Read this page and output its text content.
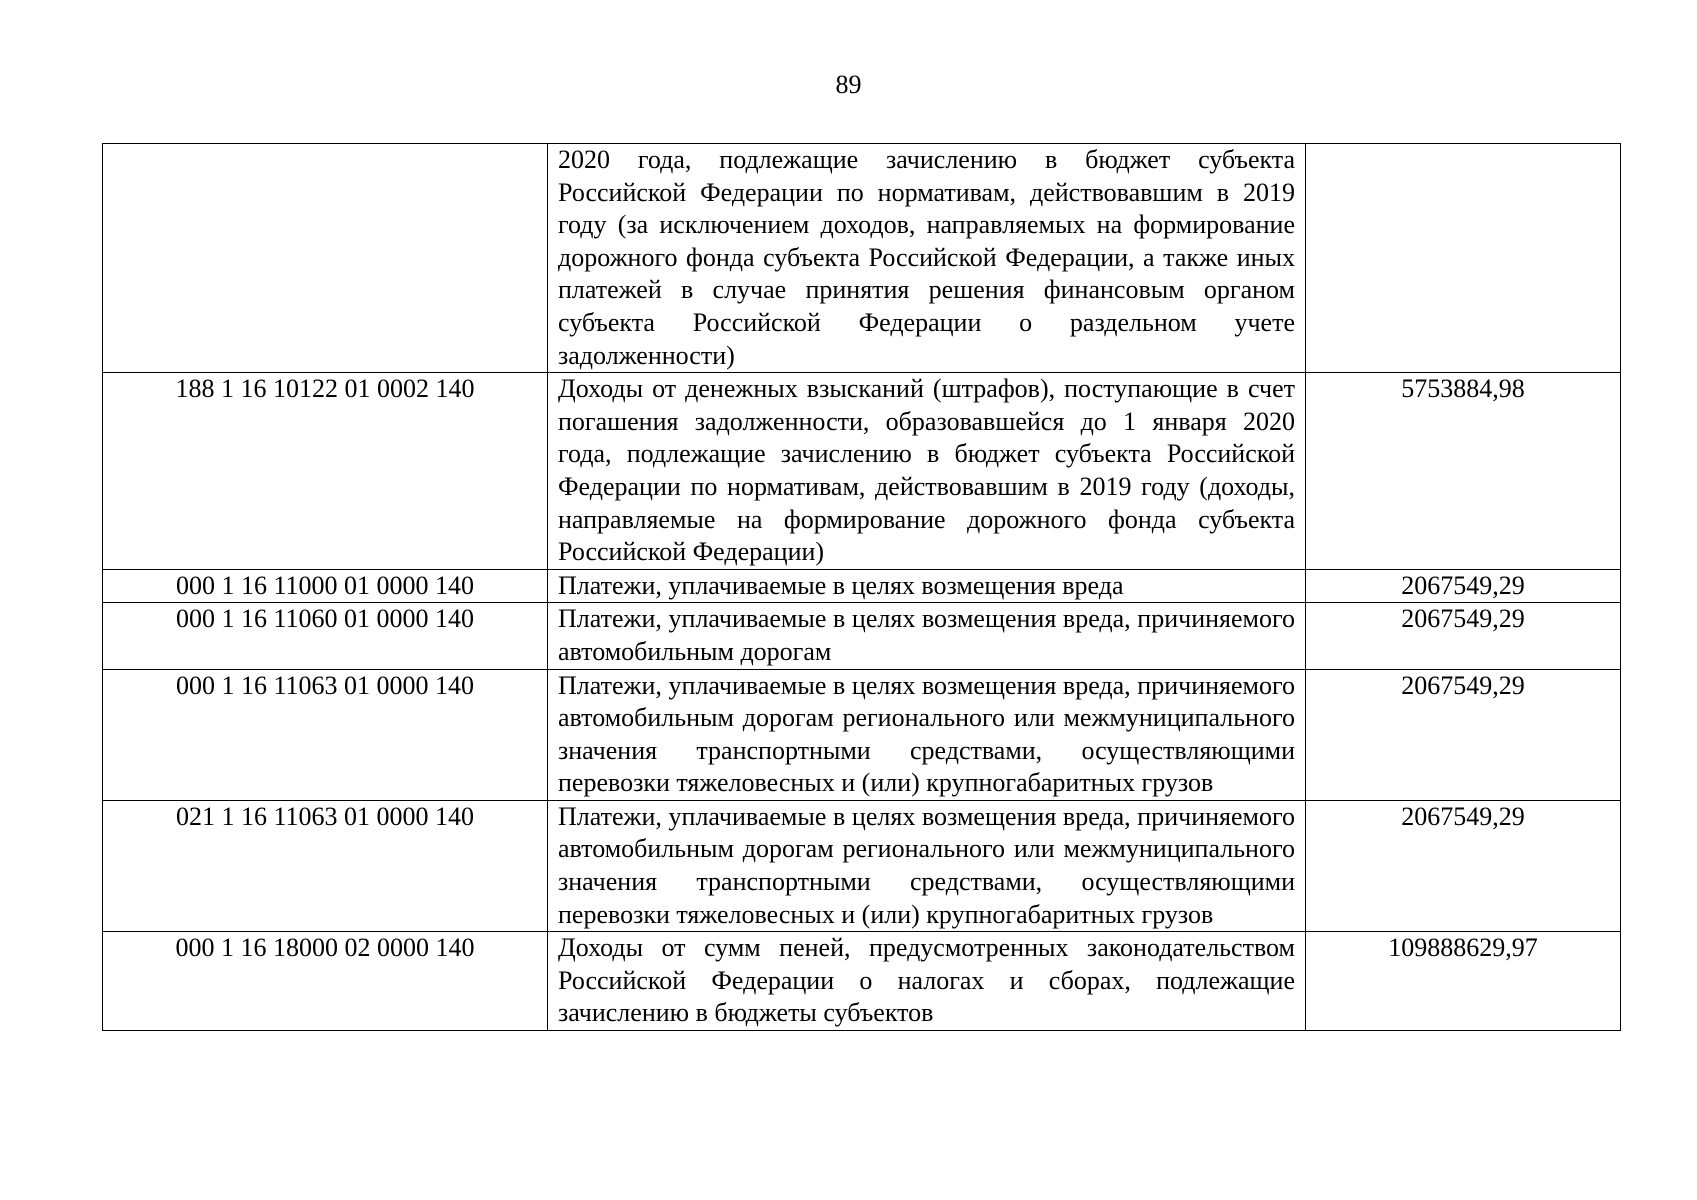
89
	2020 года, подлежащие зачислению в бюджет субъекта Российской Федерации по нормативам, действовавшим в 2019 году (за исключением доходов, направляемых на формирование дорожного фонда субъекта Российской Федерации, а также иных платежей в случае принятия решения финансовым органом субъекта Российской Федерации о раздельном учете задолженности)	
188 1 16 10122 01 0002 140	Доходы от денежных взысканий (штрафов), поступающие в счет погашения задолженности, образовавшейся до 1 января 2020 года, подлежащие зачислению в бюджет субъекта Российской Федерации по нормативам, действовавшим в 2019 году (доходы, направляемые на формирование дорожного фонда субъекта Российской Федерации)	5753884,98
000 1 16 11000 01 0000 140	Платежи, уплачиваемые в целях возмещения вреда	2067549,29
000 1 16 11060 01 0000 140	Платежи, уплачиваемые в целях возмещения вреда, причиняемого автомобильным дорогам	2067549,29
000 1 16 11063 01 0000 140	Платежи, уплачиваемые в целях возмещения вреда, причиняемого автомобильным дорогам регионального или межмуниципального значения транспортными средствами, осуществляющими перевозки тяжеловесных и (или) крупногабаритных грузов	2067549,29
021 1 16 11063 01 0000 140	Платежи, уплачиваемые в целях возмещения вреда, причиняемого автомобильным дорогам регионального или межмуниципального значения транспортными средствами, осуществляющими перевозки тяжеловесных и (или) крупногабаритных грузов	2067549,29
000 1 16 18000 02 0000 140	Доходы от сумм пеней, предусмотренных законодательством Российской Федерации о налогах и сборах, подлежащие зачислению в бюджеты субъектов	109888629,97
